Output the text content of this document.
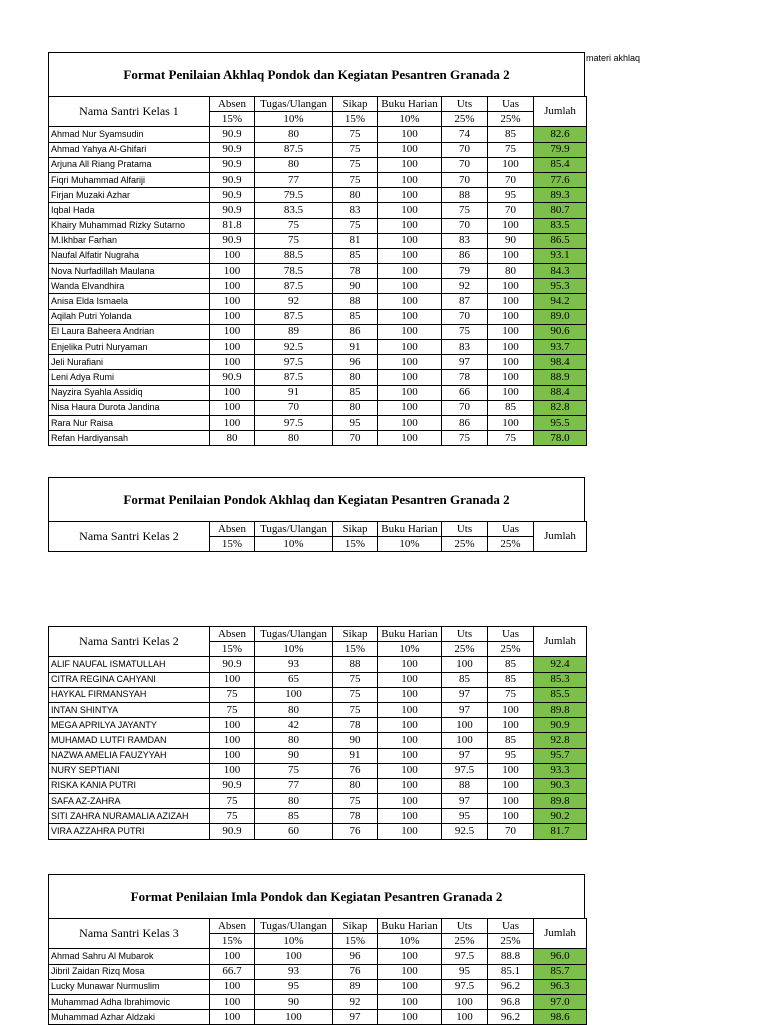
materi akhlaq
Format Penilaian Akhlaq Pondok dan Kegiatan Pesantren Granada 2
Nama Santri Kelas 1	Absen	Tugas/Ulangan	Sikap	Buku Harian	Uts	Uas	Jumlah
	15%	10%	15%	10%	25%	25%	
Ahmad Nur Syamsudin	90.9	80	75	100	74	85	82.6
Ahmad Yahya Al-Ghifari	90.9	87.5	75	100	70	75	79.9
Arjuna All Riang Pratama	90.9	80	75	100	70	100	85.4
Fiqri Muhammad Alfariji	90.9	77	75	100	70	70	77.6
Firjan Muzaki Azhar	90.9	79.5	80	100	88	95	89.3
Iqbal Hada	90.9	83.5	83	100	75	70	80.7
Khairy Muhammad Rizky Sutarno	81.8	75	75	100	70	100	83.5
M.Ikhbar Farhan	90.9	75	81	100	83	90	86.5
Naufal Alfatir Nugraha	100	88.5	85	100	86	100	93.1
Nova Nurfadillah Maulana	100	78.5	78	100	79	80	84.3
Wanda Elvandhira	100	87.5	90	100	92	100	95.3
Anisa Elda Ismaela	100	92	88	100	87	100	94.2
Aqilah Putri Yolanda	100	87.5	85	100	70	100	89.0
El Laura Baheera Andrian	100	89	86	100	75	100	90.6
Enjelika Putri Nuryaman	100	92.5	91	100	83	100	93.7
Jeli Nurafiani	100	97.5	96	100	97	100	98.4
Leni Adya Rumi	90.9	87.5	80	100	78	100	88.9
Nayzira Syahla Assidiq	100	91	85	100	66	100	88.4
Nisa Haura Durota Jandina	100	70	80	100	70	85	82.8
Rara Nur Raisa	100	97.5	95	100	86	100	95.5
Refan Hardiyansah	80	80	70	100	75	75	78.0
Format Penilaian Pondok Akhlaq dan Kegiatan Pesantren Granada 2
Nama Santri Kelas 2	Absen	Tugas/Ulangan	Sikap	Buku Harian	Uts	Uas	Jumlah
	15%	10%	15%	10%	25%	25%	
Nama Santri Kelas 2	Absen	Tugas/Ulangan	Sikap	Buku Harian	Uts	Uas	Jumlah
	15%	10%	15%	10%	25%	25%	
ALIF NAUFAL ISMATULLAH	90.9	93	88	100	100	85	92.4
CITRA REGINA CAHYANI	100	65	75	100	85	85	85.3
HAYKAL FIRMANSYAH	75	100	75	100	97	75	85.5
INTAN SHINTYA	75	80	75	100	97	100	89.8
MEGA APRILYA JAYANTY	100	42	78	100	100	100	90.9
MUHAMAD LUTFI RAMDAN	100	80	90	100	100	85	92.8
NAZWA AMELIA FAUZYYAH	100	90	91	100	97	95	95.7
NURY SEPTIANI	100	75	76	100	97.5	100	93.3
RISKA KANIA PUTRI	90.9	77	80	100	88	100	90.3
SAFA AZ-ZAHRA	75	80	75	100	97	100	89.8
SITI ZAHRA NURAMALIA AZIZAH	75	85	78	100	95	100	90.2
VIRA AZZAHRA PUTRI	90.9	60	76	100	92.5	70	81.7
Format Penilaian Imla Pondok dan Kegiatan Pesantren Granada 2
Nama Santri Kelas 3	Absen	Tugas/Ulangan	Sikap	Buku Harian	Uts	Uas	Jumlah
	15%	10%	15%	10%	25%	25%	
Ahmad Sahru Al Mubarok	100	100	96	100	97.5	88.8	96.0
Jibril Zaidan Rizq Mosa	66.7	93	76	100	95	85.1	85.7
Lucky Munawar Nurmuslim	100	95	89	100	97.5	96.2	96.3
Muhammad Adha Ibrahimovic	100	90	92	100	100	96.8	97.0
Muhammad Azhar Aldzaki	100	100	97	100	100	96.2	98.6
